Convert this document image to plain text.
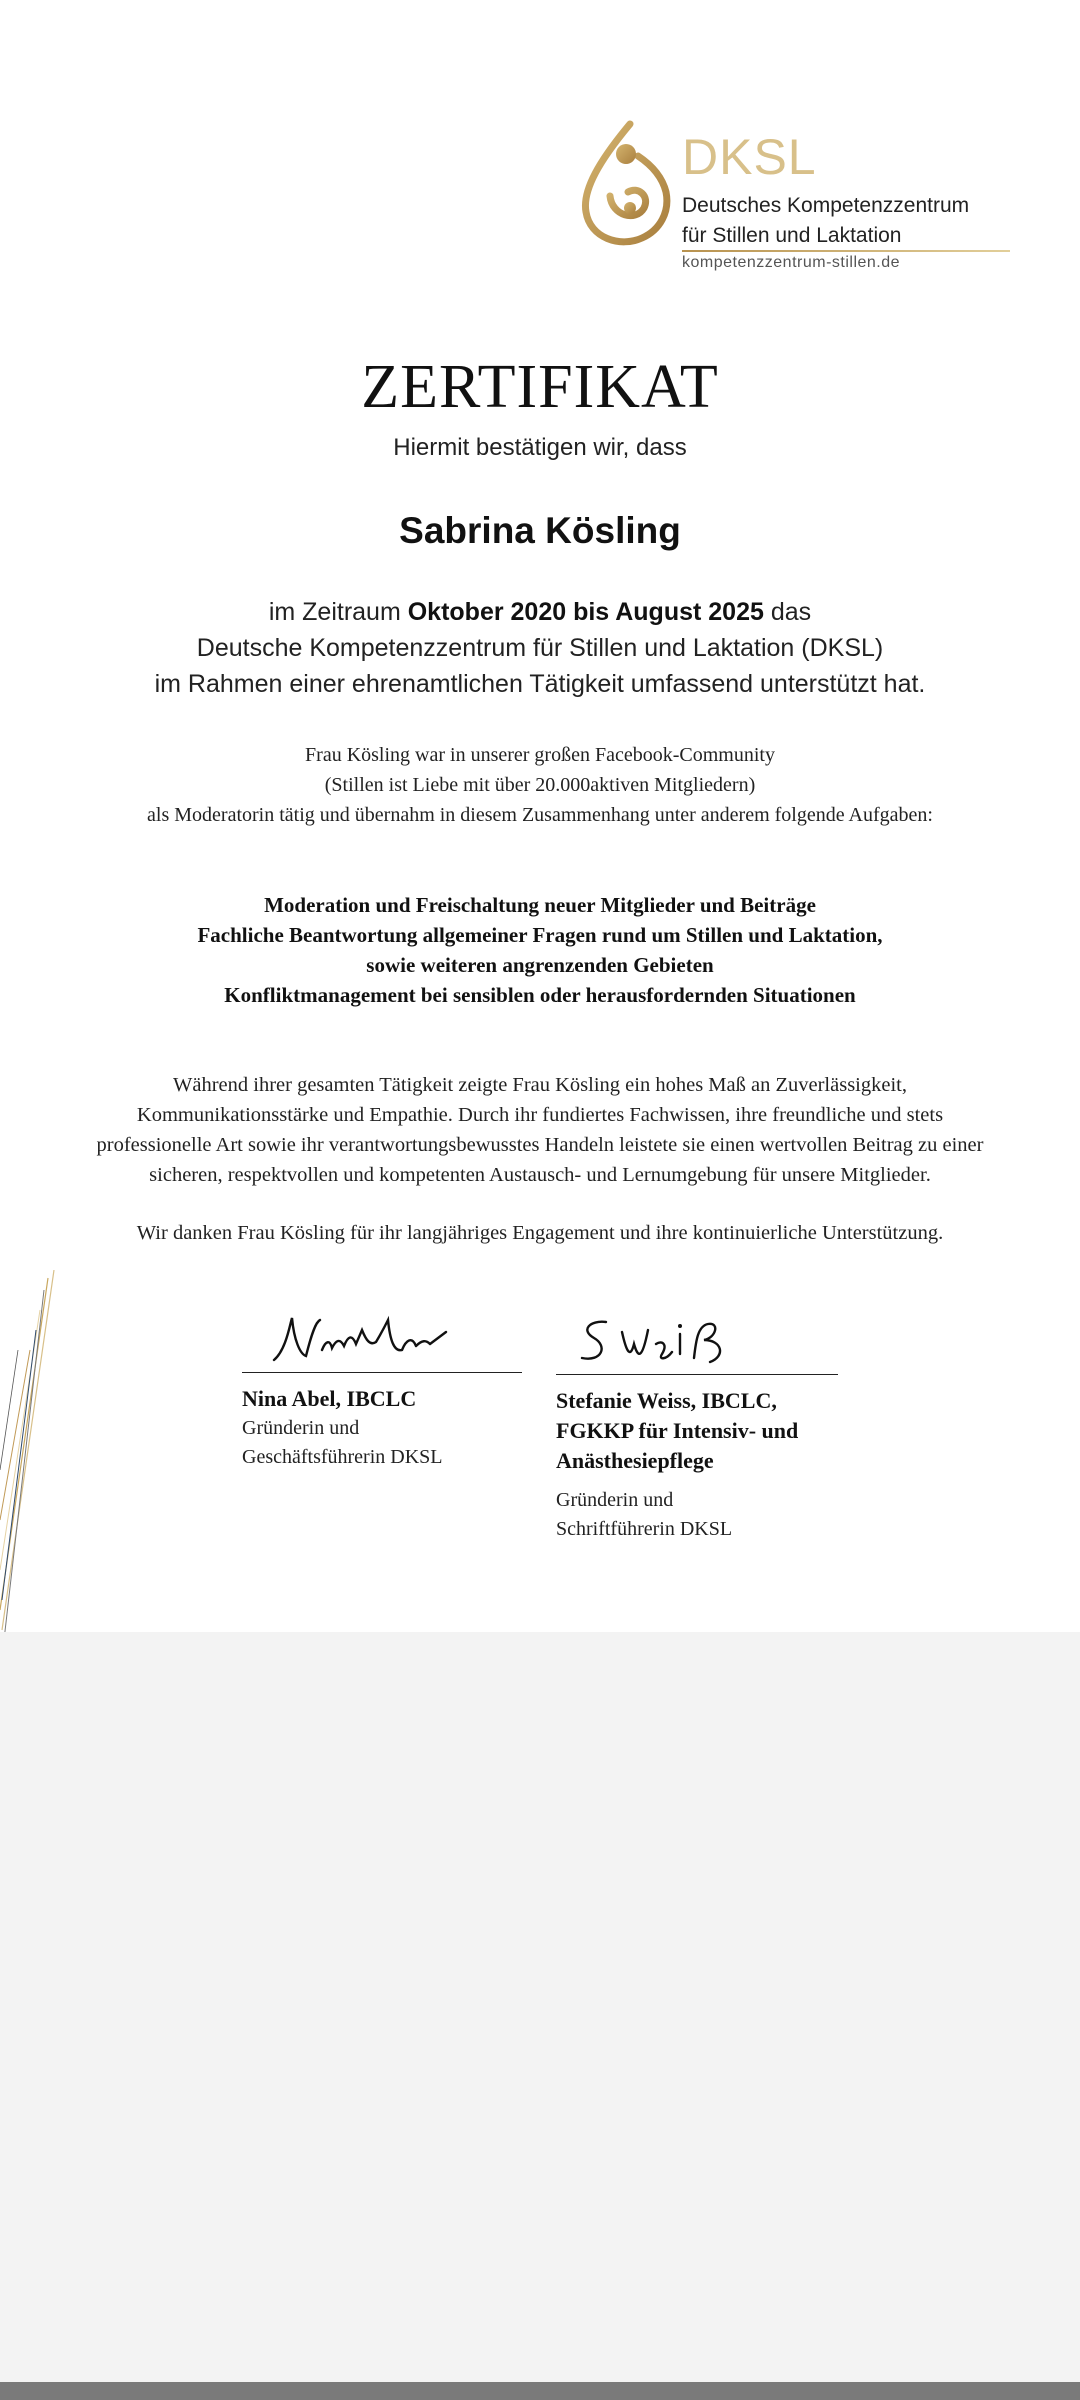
DKSL
Deutsches Kompetenzzentrum
für Stillen und Laktation
kompetenzzentrum-stillen.de
ZERTIFIKAT
Hiermit bestätigen wir, dass
Sabrina Kösling
im Zeitraum Oktober 2020 bis August 2025 das
Deutsche Kompetenzzentrum für Stillen und Laktation (DKSL)
im Rahmen einer ehrenamtlichen Tätigkeit umfassend unterstützt hat.
Frau Kösling war in unserer großen Facebook-Community
(Stillen ist Liebe mit über 20.000aktiven Mitgliedern)
als Moderatorin tätig und übernahm in diesem Zusammenhang unter anderem folgende Aufgaben:
Moderation und Freischaltung neuer Mitglieder und Beiträge
Fachliche Beantwortung allgemeiner Fragen rund um Stillen und Laktation,
sowie weiteren angrenzenden Gebieten
Konfliktmanagement bei sensiblen oder herausfordernden Situationen
Während ihrer gesamten Tätigkeit zeigte Frau Kösling ein hohes Maß an Zuverlässigkeit,
Kommunikationsstärke und Empathie. Durch ihr fundiertes Fachwissen, ihre freundliche und stets
professionelle Art sowie ihr verantwortungsbewusstes Handeln leistete sie einen wertvollen Beitrag zu einer
sicheren, respektvollen und kompetenten Austausch- und Lernumgebung für unsere Mitglieder.
Wir danken Frau Kösling für ihr langjähriges Engagement und ihre kontinuierliche Unterstützung.
Nina Abel, IBCLC
Gründerin und
Geschäftsführerin DKSL
Stefanie Weiss, IBCLC,
FGKKP für Intensiv- und
Anästhesiepflege
Gründerin und
Schriftführerin DKSL
